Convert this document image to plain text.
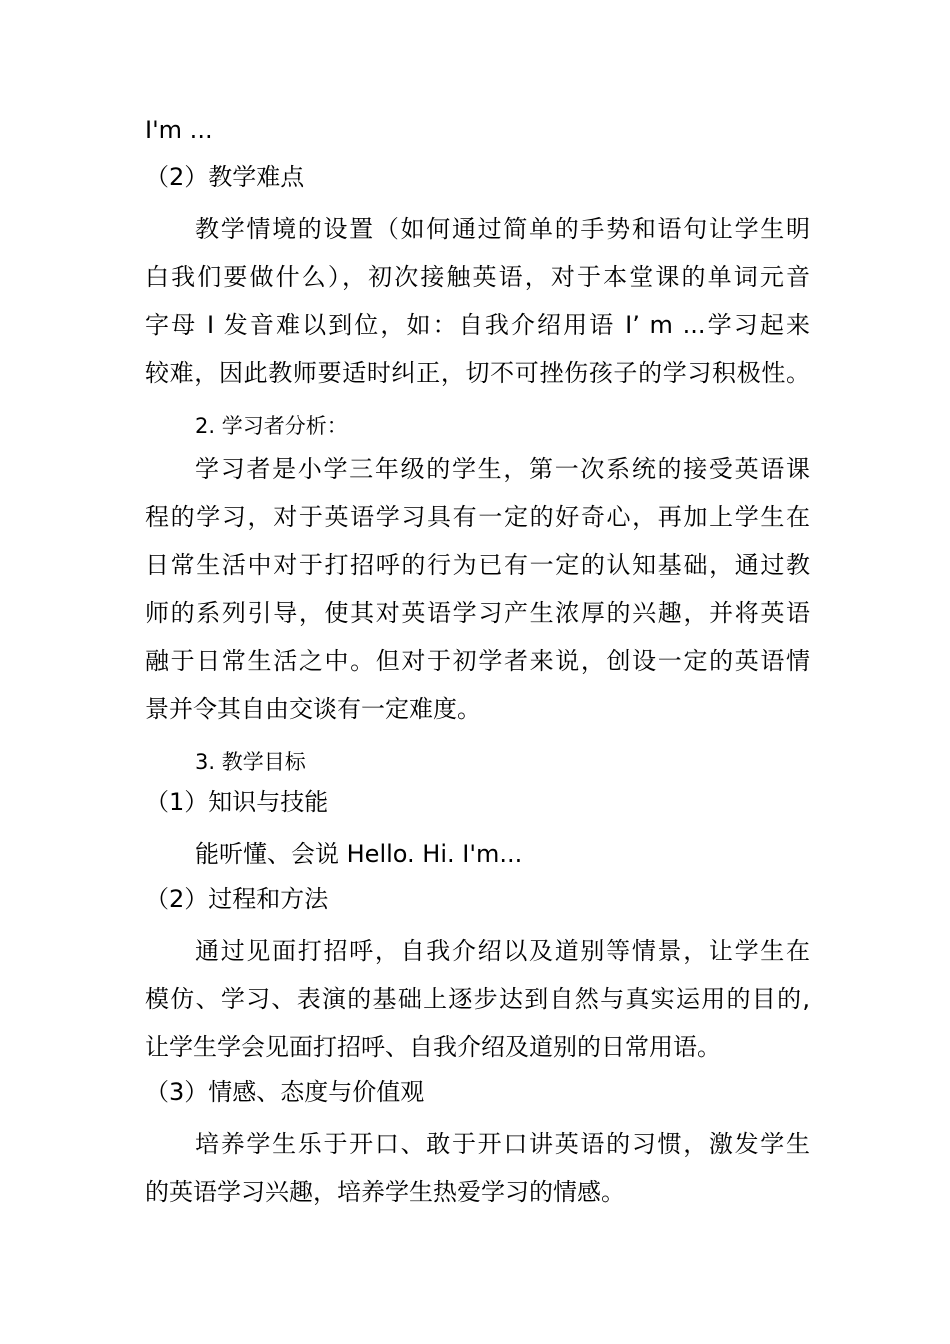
I'm ...
（2）教学难点
教学情境的设置（如何通过简单的手势和语句让学生明
白我们要做什么），初次接触英语，对于本堂课的单词元音
字母 I 发音难以到位，如：自我介绍用语 I’ m ...学习起来
较难，因此教师要适时纠正，切不可挫伤孩子的学习积极性。
2. 学习者分析：
学习者是小学三年级的学生，第一次系统的接受英语课
程的学习，对于英语学习具有一定的好奇心，再加上学生在
日常生活中对于打招呼的行为已有一定的认知基础，通过教
师的系列引导，使其对英语学习产生浓厚的兴趣，并将英语
融于日常生活之中。但对于初学者来说，创设一定的英语情
景并令其自由交谈有一定难度。
3. 教学目标
（1）知识与技能
能听懂、会说 Hello. Hi. I'm...
（2）过程和方法
通过见面打招呼，自我介绍以及道别等情景，让学生在
模仿、学习、表演的基础上逐步达到自然与真实运用的目的,
让学生学会见面打招呼、自我介绍及道别的日常用语。
（3）情感、态度与价值观
培养学生乐于开口、敢于开口讲英语的习惯，激发学生
的英语学习兴趣，培养学生热爱学习的情感。
